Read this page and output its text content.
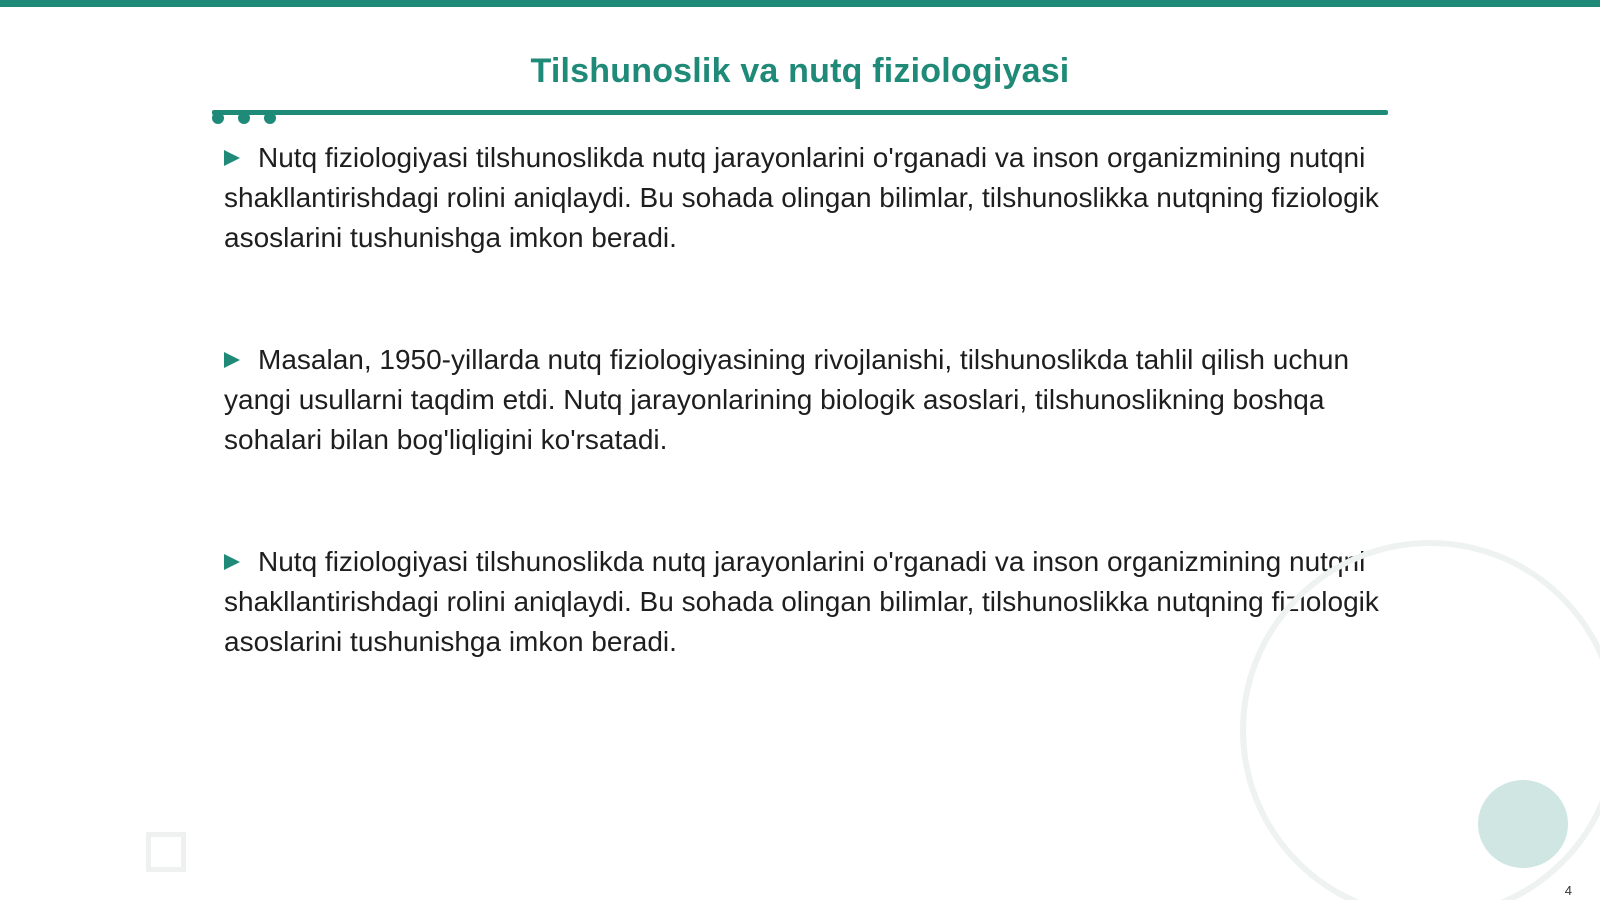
Tilshunoslik va nutq fiziologiyasi
Nutq fiziologiyasi tilshunoslikda nutq jarayonlarini o'rganadi va inson organizmining nutqni shakllantirishdagi rolini aniqlaydi. Bu sohada olingan bilimlar, tilshunoslikka nutqning fiziologik asoslarini tushunishga imkon beradi.
Masalan, 1950-yillarda nutq fiziologiyasining rivojlanishi, tilshunoslikda tahlil qilish uchun yangi usullarni taqdim etdi. Nutq jarayonlarining biologik asoslari, tilshunoslikning boshqa sohalari bilan bog'liqligini ko'rsatadi.
Nutq fiziologiyasi tilshunoslikda nutq jarayonlarini o'rganadi va inson organizmining nutqni shakllantirishdagi rolini aniqlaydi. Bu sohada olingan bilimlar, tilshunoslikka nutqning fiziologik asoslarini tushunishga imkon beradi.
4
